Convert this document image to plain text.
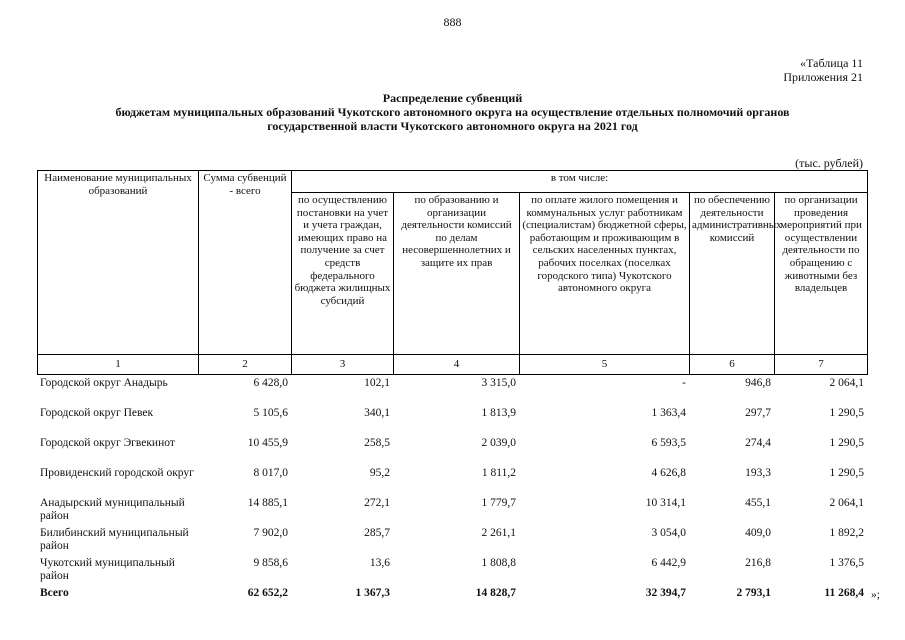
888
«Таблица 11
Приложения 21
Распределение субвенций
бюджетам муниципальных образований Чукотского автономного округа на осуществление отдельных полномочий органов
государственной власти Чукотского автономного округа на 2021 год
(тыс. рублей)
Наименование муниципальных образований	Сумма субвенций - всего	в том числе:				
		по осуществлению постановки на учет и учета граждан, имеющих право на получение за счет средств федерального бюджета жилищных субсидий	по образованию и организации деятельности комиссий по делам несовершеннолетних и защите их прав	по оплате жилого помещения и коммунальных услуг работникам (специалистам) бюджетной сферы, работающим и проживающим в сельских населенных пунктах, рабочих поселках (поселках городского типа) Чукотского автономного округа	по обеспечению деятельности административных комиссий	по организации проведения мероприятий при осуществлении деятельности по обращению с животными без владельцев
1	2	3	4	5	6	7
Городской округ Анадырь	6 428,0	102,1	3 315,0	-	946,8	2 064,1
Городской округ Певек	5 105,6	340,1	1 813,9	1 363,4	297,7	1 290,5
Городской округ Эгвекинот	10 455,9	258,5	2 039,0	6 593,5	274,4	1 290,5
Провиденский городской округ	8 017,0	95,2	1 811,2	4 626,8	193,3	1 290,5
Анадырский муниципальный район	14 885,1	272,1	1 779,7	10 314,1	455,1	2 064,1
Билибинский муниципальный район	7 902,0	285,7	2 261,1	3 054,0	409,0	1 892,2
Чукотский муниципальный район	9 858,6	13,6	1 808,8	6 442,9	216,8	1 376,5
Всего	62 652,2	1 367,3	14 828,7	32 394,7	2 793,1	11 268,4 »;
